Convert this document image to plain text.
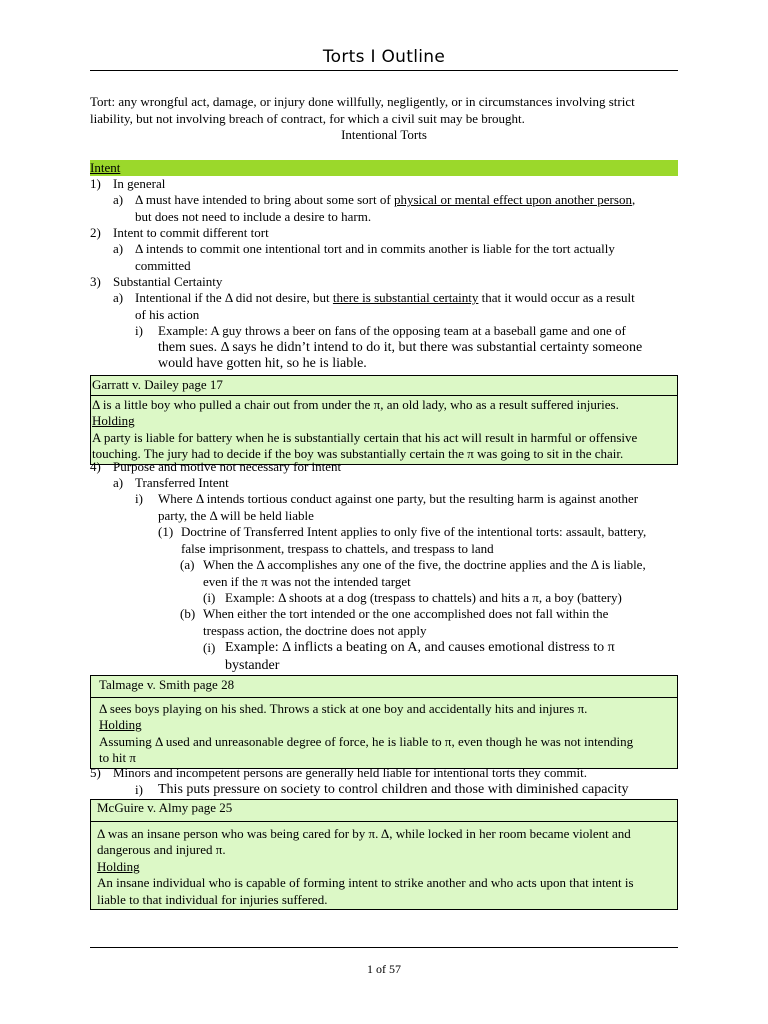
Torts I Outline
Tort: any wrongful act, damage, or injury done willfully, negligently, or in circumstances involving strict
liability, but not involving breach of contract, for which a civil suit may be brought.
Intentional Torts
Intent
1) In general
a) Δ must have intended to bring about some sort of physical or mental effect upon another person,
but does not need to include a desire to harm.
2) Intent to commit different tort
a) Δ intends to commit one intentional tort and in commits another is liable for the tort actually
committed
3) Substantial Certainty
a) Intentional if the Δ did not desire, but there is substantial certainty that it would occur as a result
of his action
i) Example: A guy throws a beer on fans of the opposing team at a baseball game and one of
them sues. Δ says he didn’t intend to do it, but there was substantial certainty someone
would have gotten hit, so he is liable.
Garratt v. Dailey page 17
Δ is a little boy who pulled a chair out from under the π, an old lady, who as a result suffered injuries.
Holding
A party is liable for battery when he is substantially certain that his act will result in harmful or offensive
touching. The jury had to decide if the boy was substantially certain the π was going to sit in the chair.
4) Purpose and motive not necessary for intent
a) Transferred Intent
i) Where Δ intends tortious conduct against one party, but the resulting harm is against another
party, the Δ will be held liable
(1) Doctrine of Transferred Intent applies to only five of the intentional torts: assault, battery,
false imprisonment, trespass to chattels, and trespass to land
(a) When the Δ accomplishes any one of the five, the doctrine applies and the Δ is liable,
even if the π was not the intended target
(i) Example: Δ shoots at a dog (trespass to chattels) and hits a π, a boy (battery)
(b) When either the tort intended or the one accomplished does not fall within the
trespass action, the doctrine does not apply
(i) Example: Δ inflicts a beating on A, and causes emotional distress to π
bystander
Talmage v. Smith page 28
Δ sees boys playing on his shed. Throws a stick at one boy and accidentally hits and injures π.
Holding
Assuming Δ used and unreasonable degree of force, he is liable to π, even though he was not intending
to hit π
5) Minors and incompetent persons are generally held liable for intentional torts they commit.
i) This puts pressure on society to control children and those with diminished capacity
McGuire v. Almy page 25
Δ was an insane person who was being cared for by π. Δ, while locked in her room became violent and
dangerous and injured π.
Holding
An insane individual who is capable of forming intent to strike another and who acts upon that intent is
liable to that individual for injuries suffered.
1 of 57
